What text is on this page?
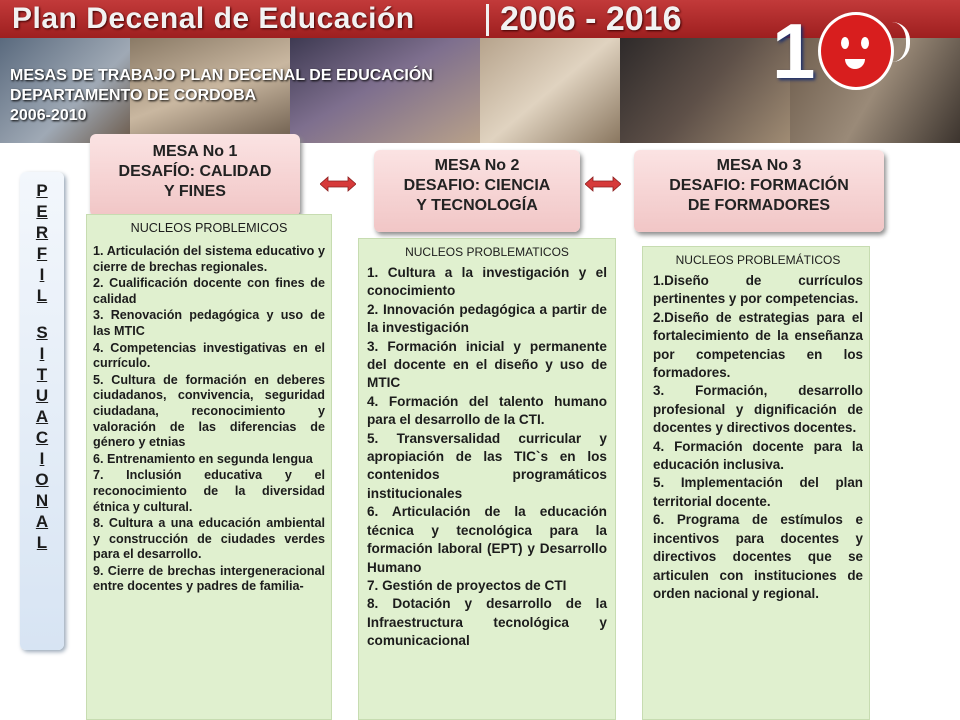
Plan Decenal de Educación	2006 - 2016 1
MESAS DE TRABAJO PLAN DECENAL DE EDUCACIÓN
DEPARTAMENTO DE CORDOBA
2006-2010
P
E
R
F
I
L
S
I
T
U
A
C
I
O
N
A
L
MESA No 1
DESAFÍO: CALIDAD
Y FINES
MESA No 2
DESAFIO: CIENCIA
Y TECNOLOGÍA
MESA No 3
DESAFIO: FORMACIÓN
DE FORMADORES
NUCLEOS PROBLEMICOS
1. Articulación del sistema educativo y cierre de brechas regionales.
2. Cualificación docente con fines de calidad
3. Renovación pedagógica y uso de las MTIC
4. Competencias investigativas en el currículo.
5. Cultura de formación en deberes ciudadanos, convivencia, seguridad ciudadana, reconocimiento y valoración de las diferencias de género y etnias
6. Entrenamiento en segunda lengua
7. Inclusión educativa y el reconocimiento de la diversidad étnica y cultural.
8. Cultura a una educación ambiental y construcción de ciudades verdes para el desarrollo.
9. Cierre de brechas intergeneracional entre docentes y padres de familia-
NUCLEOS PROBLEMATICOS
1. Cultura a la investigación y el conocimiento
2. Innovación pedagógica a partir de la investigación
3. Formación inicial y permanente del docente en el diseño y uso de MTIC
4. Formación del talento humano para el desarrollo de la CTI.
5. Transversalidad curricular y apropiación de las TIC`s en los contenidos programáticos institucionales
6. Articulación de la educación técnica y tecnológica para la formación laboral (EPT) y Desarrollo Humano
7. Gestión de proyectos de CTI
8. Dotación y desarrollo de la Infraestructura tecnológica y comunicacional
NUCLEOS PROBLEMÁTICOS
1.Diseño de currículos pertinentes y por competencias.
2.Diseño de estrategias para el fortalecimiento de la enseñanza por competencias en los formadores.
3. Formación, desarrollo profesional y dignificación de docentes y directivos docentes.
4. Formación docente para la educación inclusiva.
5. Implementación del plan territorial docente.
6. Programa de estímulos e incentivos para docentes y directivos docentes que se articulen con instituciones de orden nacional y regional.
